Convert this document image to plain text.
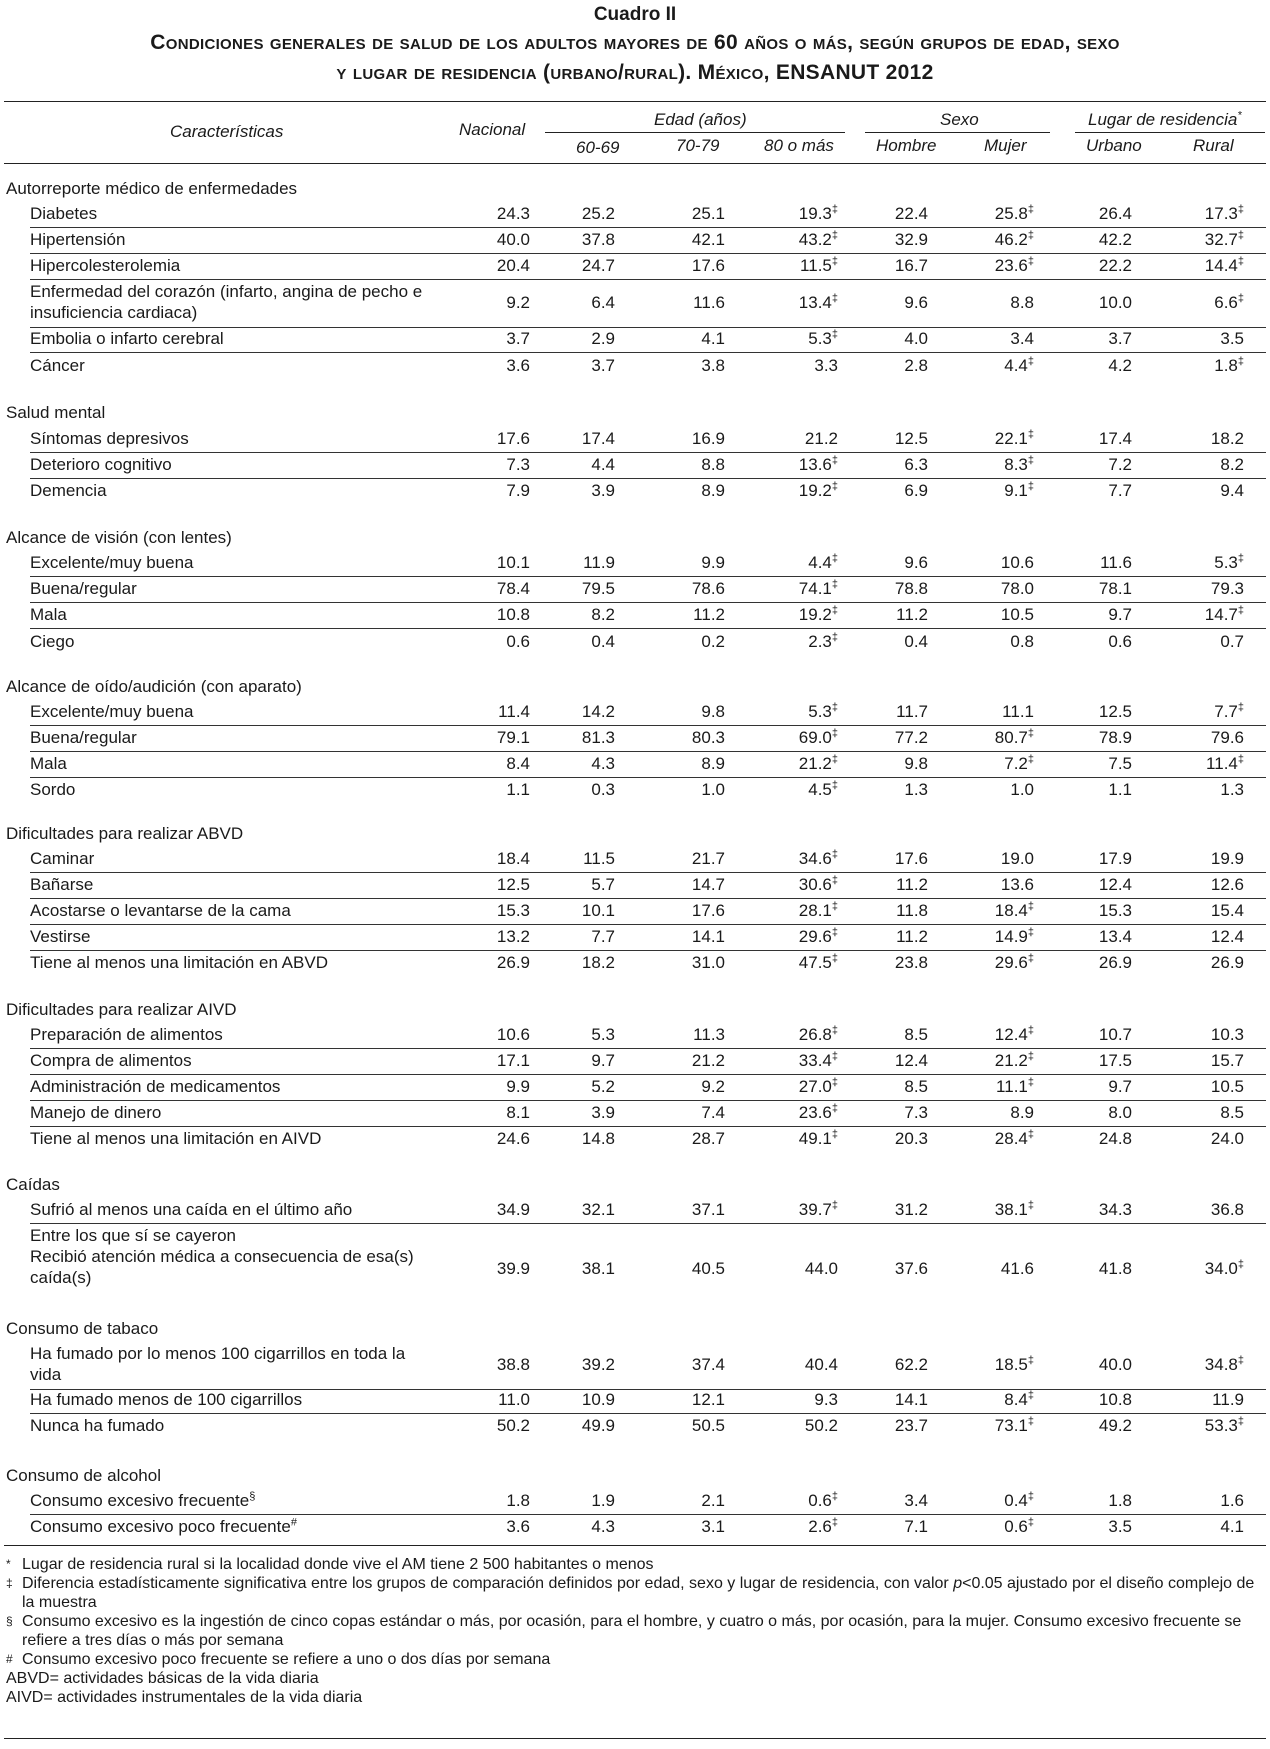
Cuadro II
Condiciones generales de salud de los adultos mayores de 60 años o más, según grupos de edad, sexo
y lugar de residencia (urbano/rural). México, ENSANUT 2012
Características	Nacional
Edad (años)	Sexo	Lugar de residencia*
60-69	70-79	80 o más Hombre	Mujer	Urbano	Rural
Autorreporte médico de enfermedades
Diabetes	24.3	25.2	25.1	19.3‡	22.4	25.8‡	26.4	17.3‡
Hipertensión	40.0	37.8	42.1	43.2‡	32.9	46.2‡	42.2	32.7‡
Hipercolesterolemia	20.4	24.7	17.6	11.5‡	16.7	23.6‡	22.2	14.4‡
Enfermedad del corazón (infarto, angina de pecho e insuficiencia cardiaca)
9.2	6.4	11.6	13.4‡	9.6	8.8	10.0	6.6‡
Embolia o infarto cerebral	3.7	2.9	4.1	5.3‡	4.0	3.4	3.7	3.5
Cáncer	3.6	3.7	3.8	3.3	2.8	4.4‡	4.2	1.8‡
Salud mental
Síntomas depresivos	17.6	17.4	16.9	21.2	12.5	22.1‡	17.4	18.2
Deterioro cognitivo	7.3	4.4	8.8	13.6‡	6.3	8.3‡	7.2	8.2
Demencia	7.9	3.9	8.9	19.2‡	6.9	9.1‡	7.7	9.4
Alcance de visión (con lentes)
Excelente/muy buena	10.1	11.9	9.9	4.4‡	9.6	10.6	11.6	5.3‡
Buena/regular	78.4	79.5	78.6	74.1‡	78.8	78.0	78.1	79.3
Mala	10.8	8.2	11.2	19.2‡	11.2	10.5	9.7	14.7‡
Ciego	0.6	0.4	0.2	2.3‡	0.4	0.8	0.6	0.7
Alcance de oído/audición (con aparato)
Excelente/muy buena	11.4	14.2	9.8	5.3‡	11.7	11.1	12.5	7.7‡
Buena/regular	79.1	81.3	80.3	69.0‡	77.2	80.7‡	78.9	79.6
Mala	8.4	4.3	8.9	21.2‡	9.8	7.2‡	7.5	11.4‡
Sordo	1.1	0.3	1.0	4.5‡	1.3	1.0	1.1	1.3
Dificultades para realizar ABVD
Caminar	18.4	11.5	21.7	34.6‡	17.6	19.0	17.9	19.9
Bañarse	12.5	5.7	14.7	30.6‡	11.2	13.6	12.4	12.6
Acostarse o levantarse de la cama	15.3	10.1	17.6	28.1‡	11.8	18.4‡	15.3	15.4
Vestirse	13.2	7.7	14.1	29.6‡	11.2	14.9‡	13.4	12.4
Tiene al menos una limitación en ABVD	26.9	18.2	31.0	47.5‡	23.8	29.6‡	26.9	26.9
Dificultades para realizar AIVD
Preparación de alimentos	10.6	5.3	11.3	26.8‡	8.5	12.4‡	10.7	10.3
Compra de alimentos	17.1	9.7	21.2	33.4‡	12.4	21.2‡	17.5	15.7
Administración de medicamentos	9.9	5.2	9.2	27.0‡	8.5	11.1‡	9.7	10.5
Manejo de dinero	8.1	3.9	7.4	23.6‡	7.3	8.9	8.0	8.5
Tiene al menos una limitación en AIVD	24.6	14.8	28.7	49.1‡	20.3	28.4‡	24.8	24.0
Caídas
Sufrió al menos una caída en el último año	34.9	32.1	37.1	39.7‡	31.2	38.1‡	34.3	36.8
Entre los que sí se cayeron
Recibió atención médica a consecuencia de esa(s) caída(s)	39.9	38.1	40.5	44.0	37.6	41.6	41.8	34.0‡
Consumo de tabaco
Ha fumado por lo menos 100 cigarrillos en toda la vida
38.8	39.2	37.4	40.4	62.2	18.5‡	40.0	34.8‡
Ha fumado menos de 100 cigarrillos	11.0	10.9	12.1	9.3	14.1	8.4‡	10.8	11.9
Nunca ha fumado	50.2	49.9	50.5	50.2	23.7	73.1‡	49.2	53.3‡
Consumo de alcohol
Consumo excesivo frecuente§	1.8	1.9	2.1	0.6‡	3.4	0.4‡	1.8	1.6
Consumo excesivo poco frecuente#	3.6	4.3	3.1	2.6‡	7.1	0.6‡	3.5	4.1
* Lugar de residencia rural si la localidad donde vive el AM tiene 2 500 habitantes o menos
‡ Diferencia estadísticamente significativa entre los grupos de comparación definidos por edad, sexo y lugar de residencia, con valor p<0.05 ajustado por el diseño complejo de la muestra
§ Consumo excesivo es la ingestión de cinco copas estándar o más, por ocasión, para el hombre, y cuatro o más, por ocasión, para la mujer. Consumo excesivo frecuente se refiere a tres días o más por semana
# Consumo excesivo poco frecuente se refiere a uno o dos días por semana
ABVD= actividades básicas de la vida diaria
AIVD= actividades instrumentales de la vida diaria
